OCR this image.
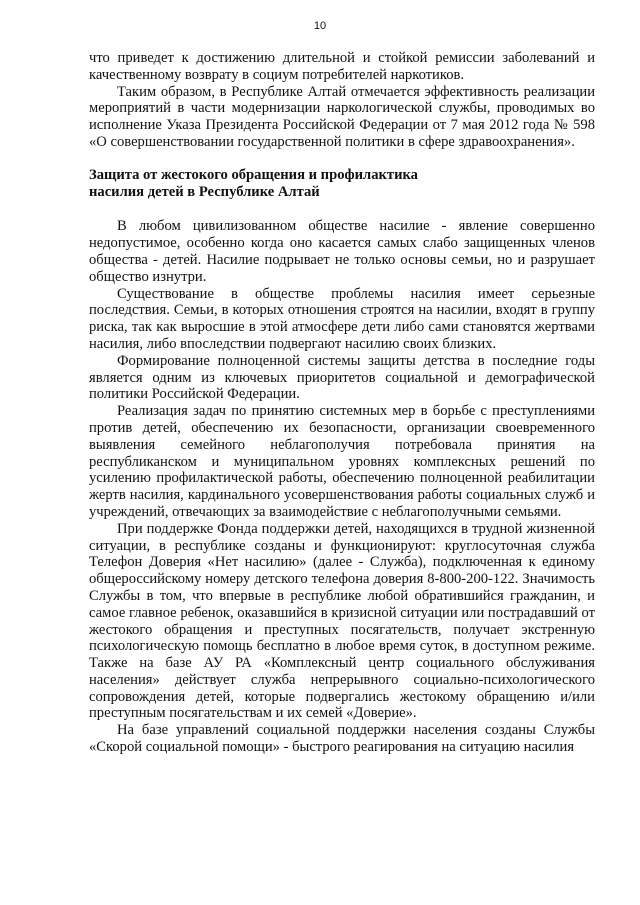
10

что приведет к достижению длительной и стойкой ремиссии заболеваний и качественному возврату в социум потребителей наркотиков.

Таким образом, в Республике Алтай отмечается эффективность реализации мероприятий в части модернизации наркологической службы, проводимых во исполнение Указа Президента Российской Федерации от 7 мая 2012 года № 598 «О совершенствовании государственной политики в сфере здравоохранения».

Защита от жестокого обращения и профилактика

насилия детей в Республике Алтай

В любом цивилизованном обществе насилие - явление совершенно недопустимое, особенно когда оно касается самых слабо защищенных членов общества - детей. Насилие подрывает не только основы семьи, но и разрушает общество изнутри.

Существование в обществе проблемы насилия имеет серьезные последствия. Семьи, в которых отношения строятся на насилии, входят в группу риска, так как выросшие в этой атмосфере дети либо сами становятся жертвами насилия, либо впоследствии подвергают насилию своих близких.

Формирование полноценной системы защиты детства в последние годы является одним из ключевых приоритетов социальной и демографической политики Российской Федерации.

Реализация задач по принятию системных мер в борьбе с преступлениями против детей, обеспечению их безопасности, организации своевременного выявления семейного неблагополучия потребовала принятия на республиканском и муниципальном уровнях комплексных решений по усилению профилактической работы, обеспечению полноценной реабилитации жертв насилия, кардинального усовершенствования работы социальных служб и учреждений, отвечающих за взаимодействие с неблагополучными семьями.

При поддержке Фонда поддержки детей, находящихся в трудной жизненной ситуации, в республике созданы и функционируют: круглосуточная служба Телефон Доверия «Нет насилию» (далее - Служба), подключенная к единому общероссийскому номеру детского телефона доверия 8-800-200-122. Значимость Службы в том, что впервые в республике любой обратившийся гражданин, и самое главное ребенок, оказавшийся в кризисной ситуации или пострадавший от жестокого обращения и преступных посягательств, получает экстренную психологическую помощь бесплатно в любое время суток, в доступном режиме. Также на базе АУ РА «Комплексный центр социального обслуживания населения» действует служба непрерывного социально-психологического сопровождения детей, которые подвергались жестокому обращению и/или преступным посягательствам и их семей «Доверие».

На базе управлений социальной поддержки населения созданы Службы «Скорой социальной помощи» - быстрого реагирования на ситуацию насилия
